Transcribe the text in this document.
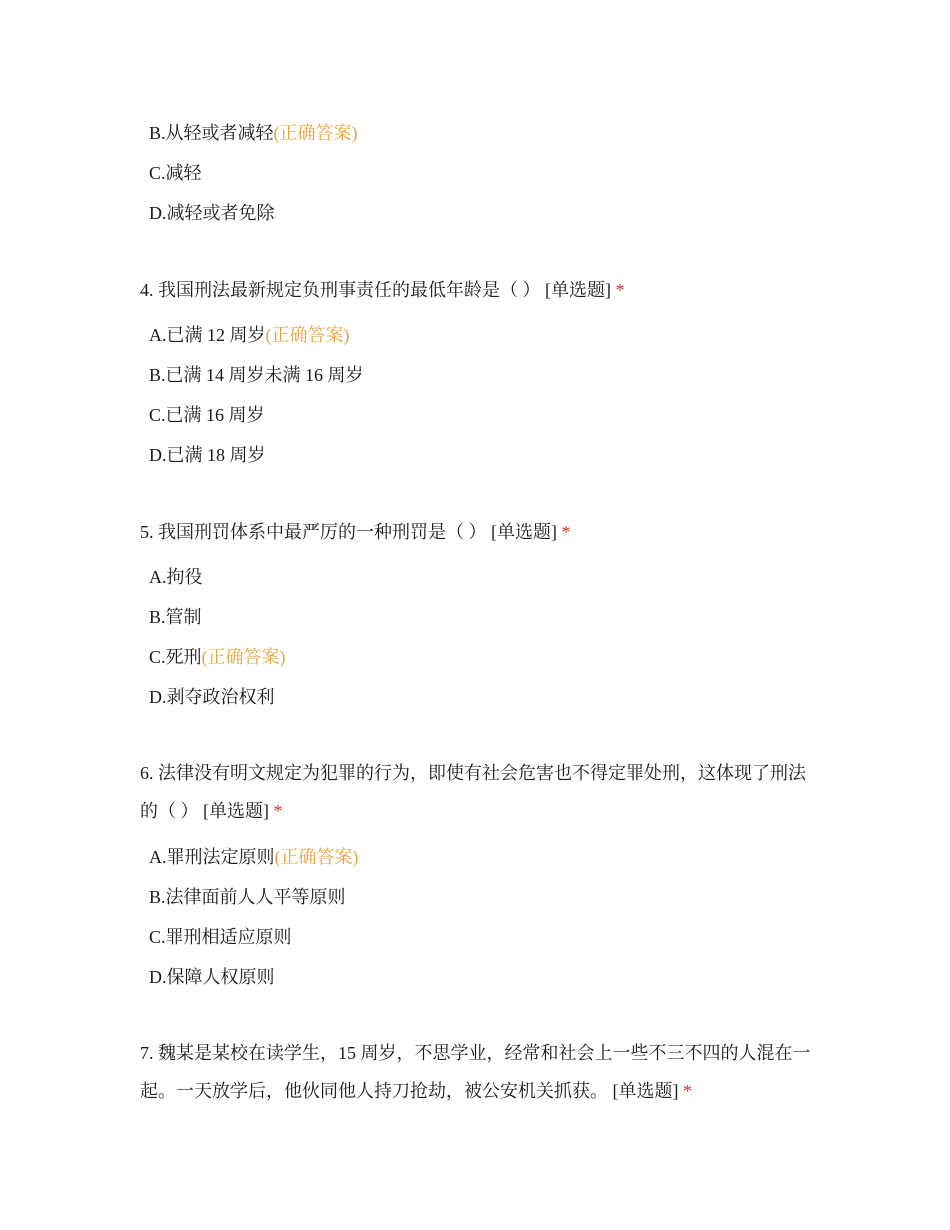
B.从轻或者减轻(正确答案)
C.减轻
D.减轻或者免除
4. 我国刑法最新规定负刑事责任的最低年龄是（ ） [单选题] *
A.已满 12 周岁(正确答案)
B.已满 14 周岁未满 16 周岁
C.已满 16 周岁
D.已满 18 周岁
5. 我国刑罚体系中最严厉的一种刑罚是（ ） [单选题] *
A.拘役
B.管制
C.死刑(正确答案)
D.剥夺政治权利
6. 法律没有明文规定为犯罪的行为，即使有社会危害也不得定罪处刑，这体现了刑法的（ ） [单选题] *
A.罪刑法定原则(正确答案)
B.法律面前人人平等原则
C.罪刑相适应原则
D.保障人权原则
7. 魏某是某校在读学生，15 周岁，不思学业，经常和社会上一些不三不四的人混在一起。一天放学后，他伙同他人持刀抢劫，被公安机关抓获。 [单选题] *
